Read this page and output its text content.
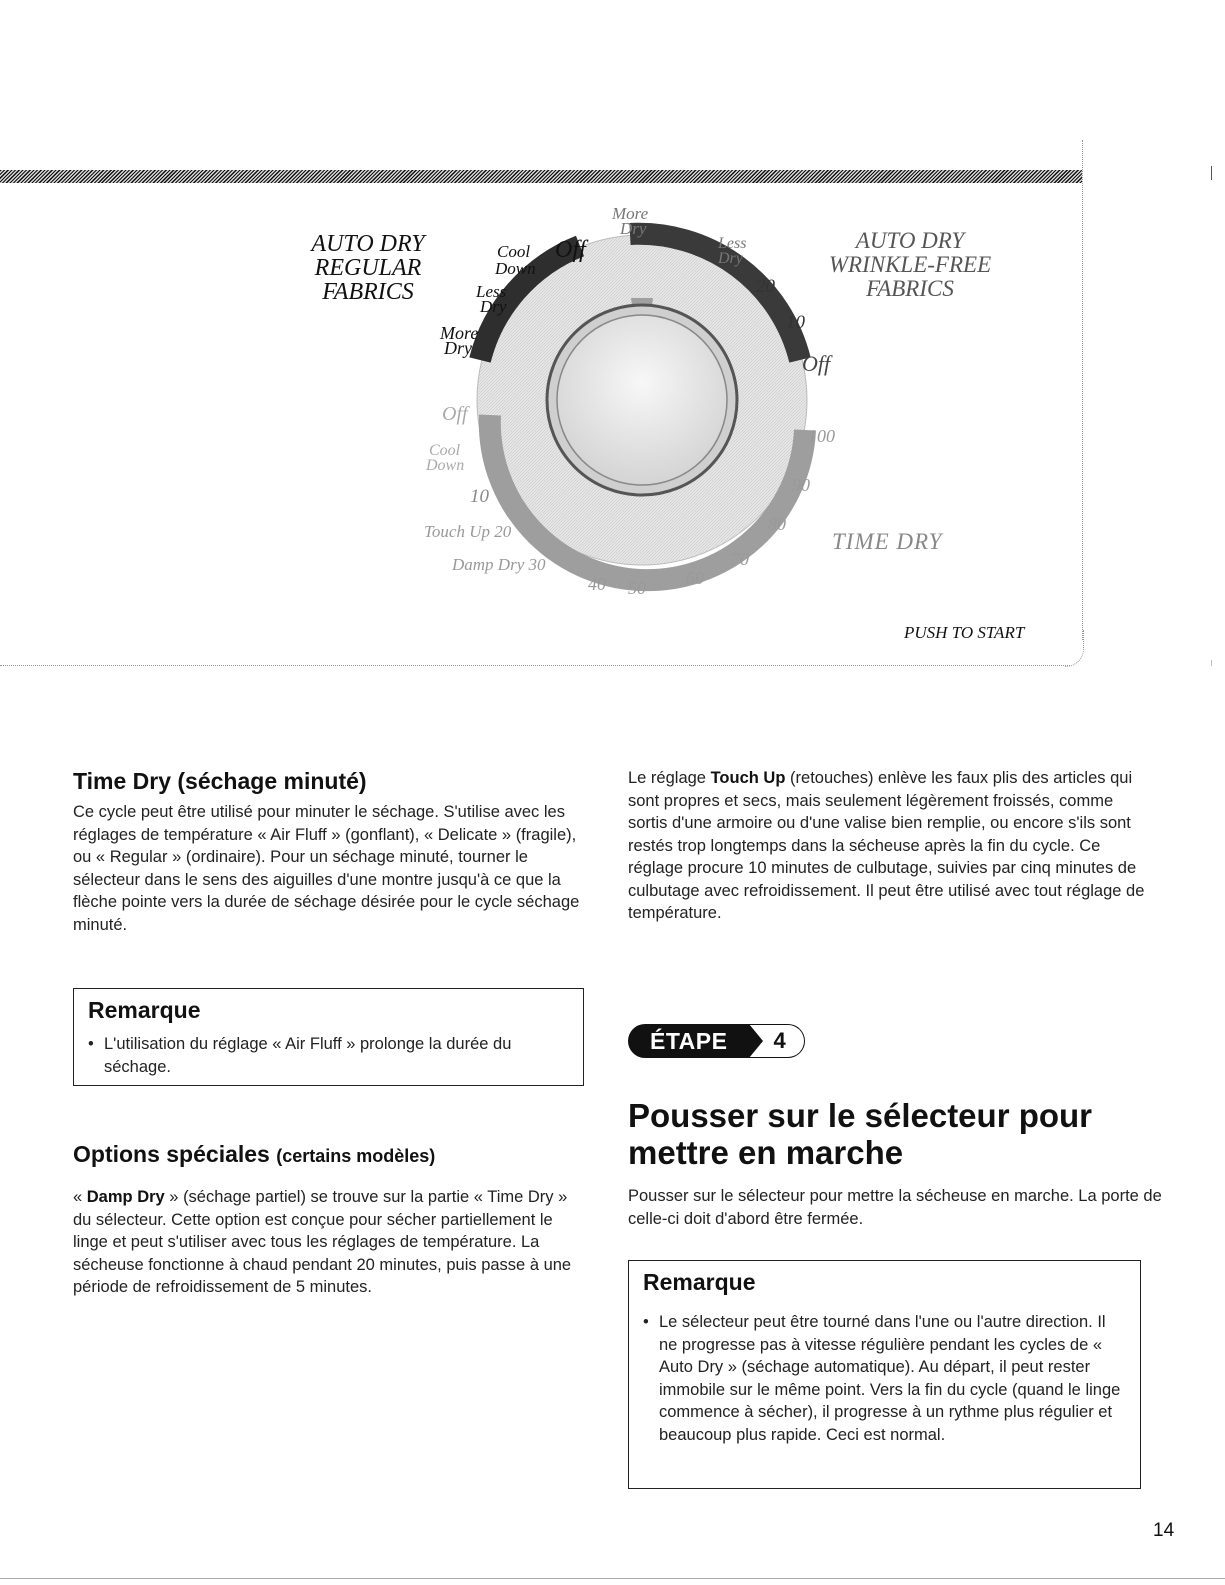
AUTO DRY
REGULAR
FABRICS
AUTO DRY
WRINKLE-FREE
FABRICS
TIME DRY
PUSH TO START
Cool
Down
Off
Less
Dry
More
Dry
More
Dry
Less
Dry
20
10
Off
Off
Cool
Down
10
Touch Up 20
Damp Dry 30
40 50 60
70
80
90
100
Time Dry (séchage minuté)

Ce cycle peut être utilisé pour minuter le séchage. S'utilise avec les réglages de température « Air Fluff » (gonflant), « Delicate » (fragile), ou « Regular » (ordinaire). Pour un séchage minuté, tourner le sélecteur dans le sens des aiguilles d'une montre jusqu'à ce que la flèche pointe vers la durée de séchage désirée pour le cycle séchage minuté.

Remarque
• L'utilisation du réglage « Air Fluff » prolonge la durée du séchage.
Options spéciales (certains modèles)

« Damp Dry » (séchage partiel) se trouve sur la partie « Time Dry » du sélecteur. Cette option est conçue pour sécher partiellement le linge et peut s'utiliser avec tous les réglages de température. La sécheuse fonctionne à chaud pendant 20 minutes, puis passe à une période de refroidissement de 5 minutes.

Le réglage Touch Up (retouches) enlève les faux plis des articles qui sont propres et secs, mais seulement légèrement froissés, comme sortis d'une armoire ou d'une valise bien remplie, ou encore s'ils sont restés trop longtemps dans la sécheuse après la fin du cycle. Ce réglage procure 10 minutes de culbutage, suivies par cinq minutes de culbutage avec refroidissement. Il peut être utilisé avec tout réglage de température.

ÉTAPE	4
Pousser sur le sélecteur pour
mettre en marche

Pousser sur le sélecteur pour mettre la sécheuse en marche. La porte de celle-ci doit d'abord être fermée.

Remarque
• Le sélecteur peut être tourné dans l'une ou l'autre direction. Il ne progresse pas à vitesse régulière pendant les cycles de « Auto Dry » (séchage automatique). Au départ, il peut rester immobile sur le même point. Vers la fin du cycle (quand le linge commence à sécher), il progresse à un rythme plus régulier et beaucoup plus rapide. Ceci est normal.
14
